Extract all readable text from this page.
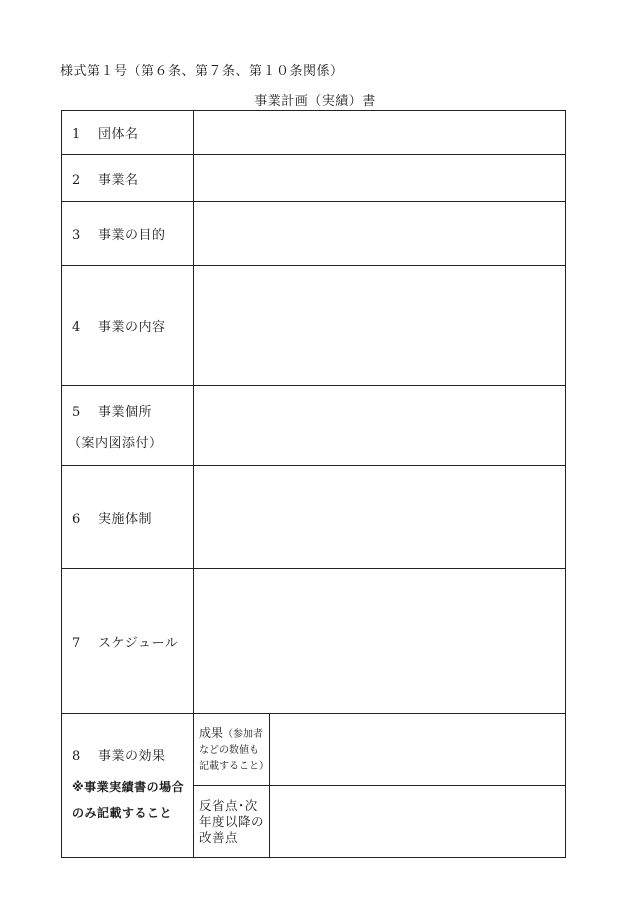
様式第１号（第６条、第７条、第１０条関係）
事業計画（実績）書
1 団体名		
2 事業名		
3 事業の目的		
4 事業の内容		
5 事業個所
（案内図添付）		

6 実施体制		
7 スケジュール		
8 事業の効果
※事業実績書の場合
のみ記載すること	成果（参加者などの数値も記載すること）	
	反省点･次年度以降の改善点	
